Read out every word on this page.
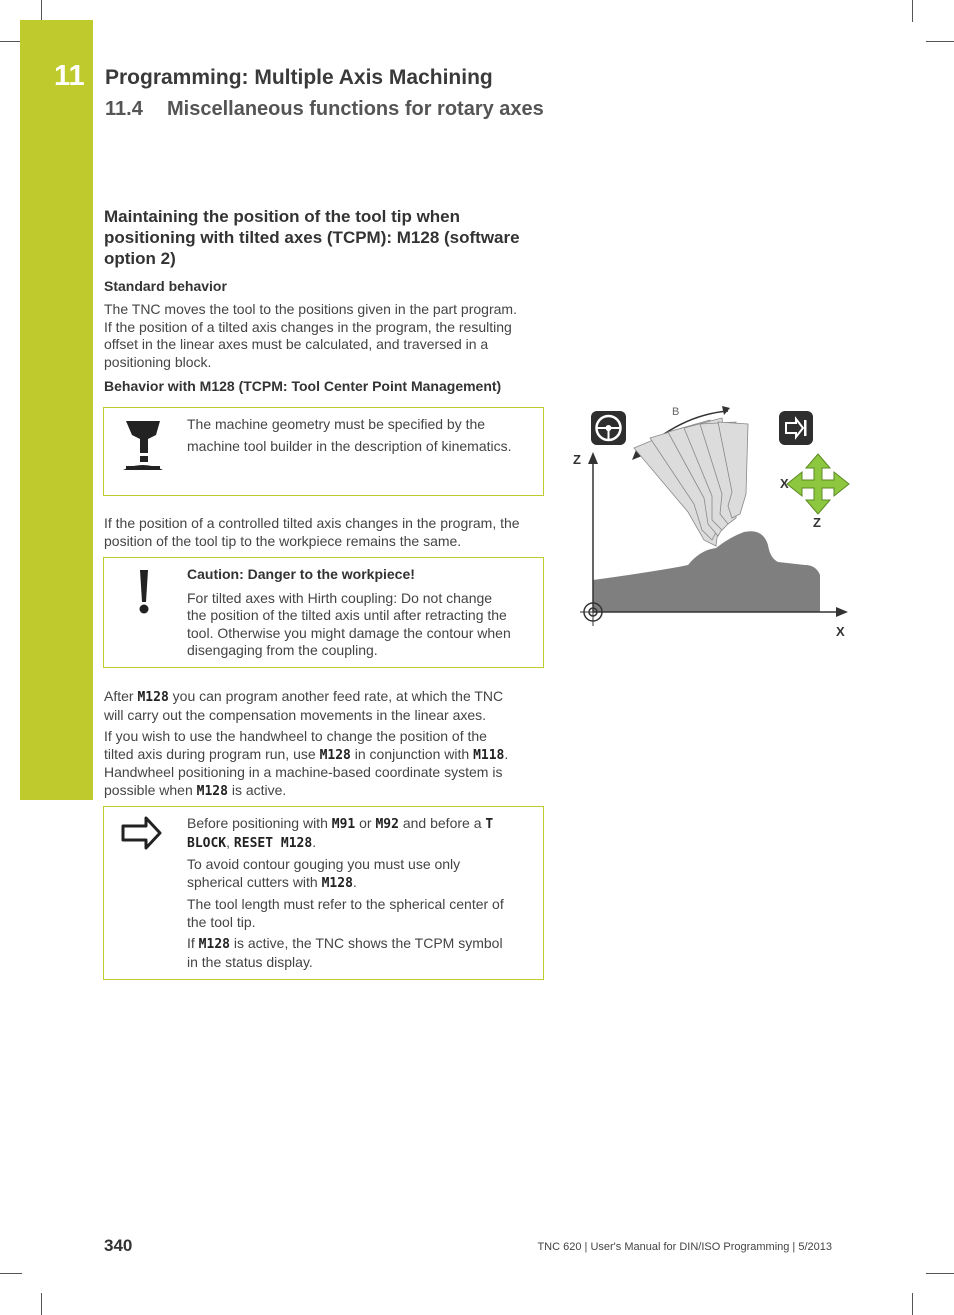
11 Programming: Multiple Axis Machining
11.4 Miscellaneous functions for rotary axes
Maintaining the position of the tool tip when
positioning with tilted axes (TCPM): M128 (software
option 2)
Standard behavior

The TNC moves the tool to the positions given in the part program.

If the position of a tilted axis changes in the program, the resulting

offset in the linear axes must be calculated, and traversed in a

positioning block.

Behavior with M128 (TCPM: Tool Center Point Management)

The machine geometry must be specified by the

machine tool builder in the description of kinematics.

If the position of a controlled tilted axis changes in the program, the

position of the tool tip to the workpiece remains the same.

Caution: Danger to the workpiece!

For tilted axes with Hirth coupling: Do not change

the position of the tilted axis until after retracting the

tool. Otherwise you might damage the contour when

disengaging from the coupling.

After M128 you can program another feed rate, at which the TNC

will carry out the compensation movements in the linear axes.

If you wish to use the handwheel to change the position of the

tilted axis during program run, use M128 in conjunction with M118.

Handwheel positioning in a machine-based coordinate system is

possible when M128 is active.

Before positioning with M91 or M92 and before a T

BLOCK, RESET M128.

To avoid contour gouging you must use only

spherical cutters with M128.

The tool length must refer to the spherical center of

the tool tip.

If M128 is active, the TNC shows the TCPM symbol

in the status display.

B
Z
X
X
Z
340	TNC 620 | User's Manual for DIN/ISO Programming | 5/2013
